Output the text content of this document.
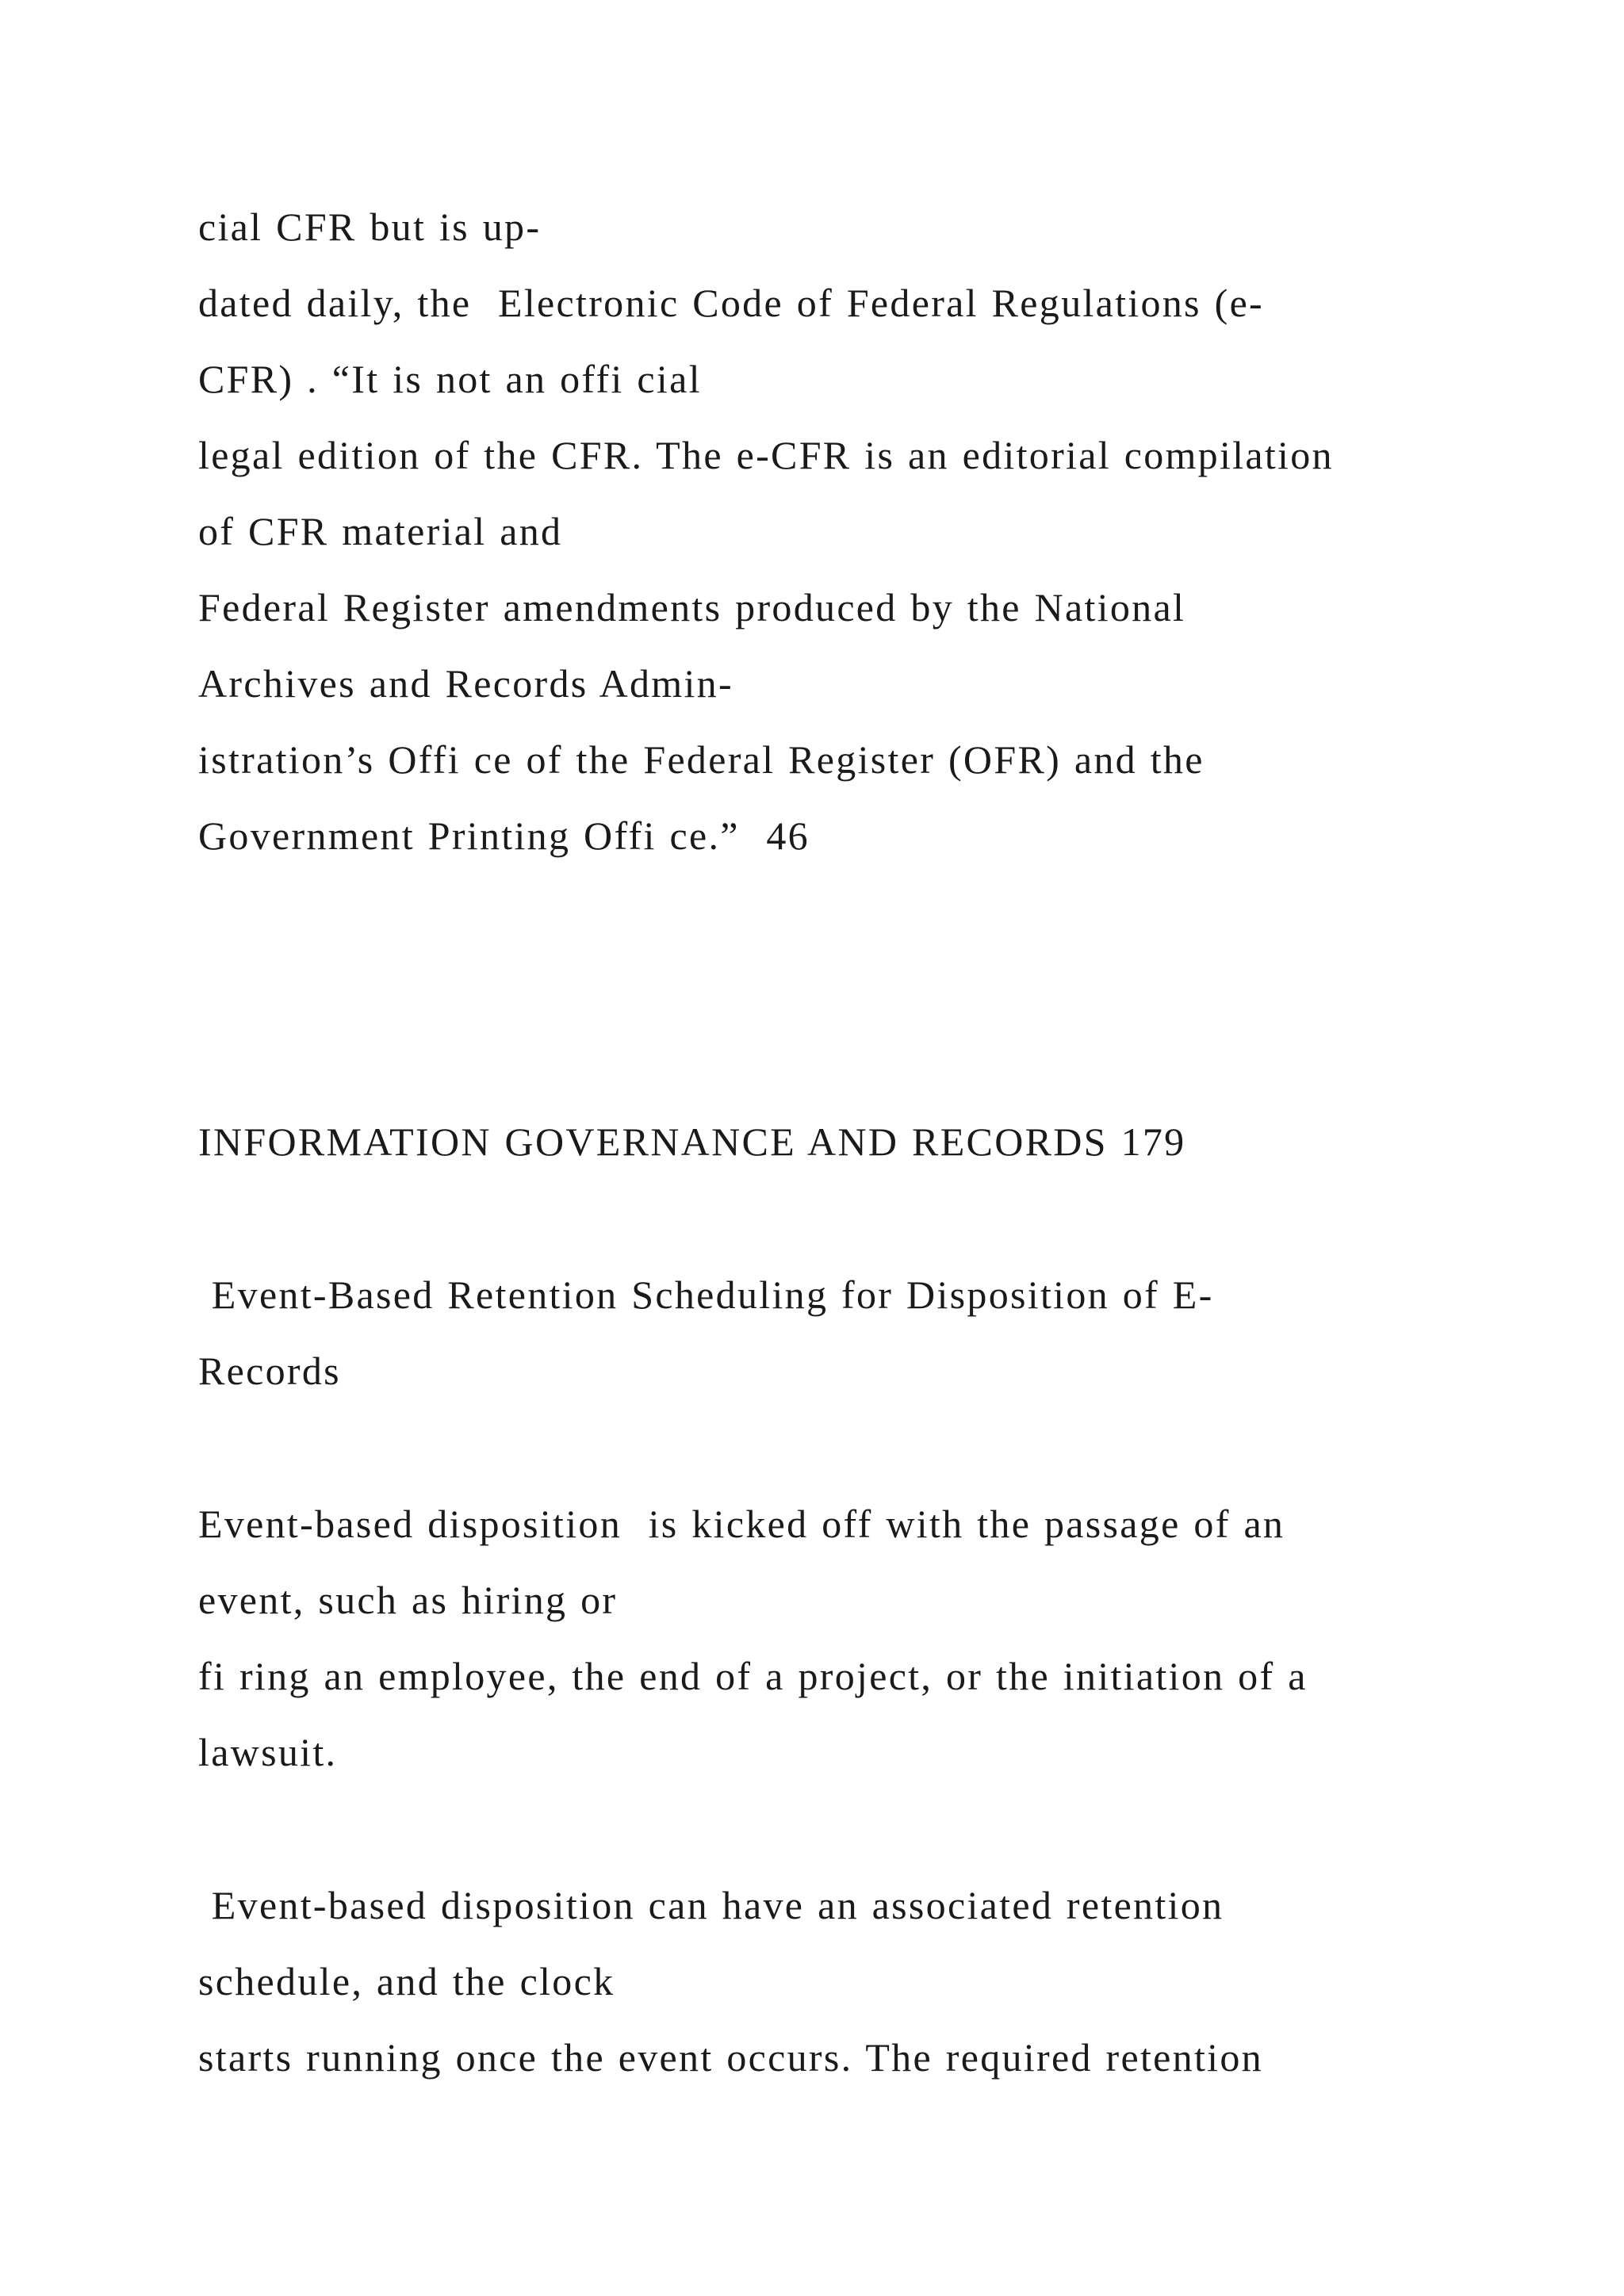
cial CFR but is up-

dated daily, the  Electronic Code of Federal Regulations (e-

CFR) . “It is not an offi cial

legal edition of the CFR. The e-CFR is an editorial compilation

of CFR material and

Federal Register amendments produced by the National

Archives and Records Admin-

istration’s Offi ce of the Federal Register (OFR) and the

Government Printing Offi ce.”  46

INFORMATION GOVERNANCE AND RECORDS 179

Event-Based Retention Scheduling for Disposition of E-

Records

Event-based disposition  is kicked off with the passage of an

event, such as hiring or

fi ring an employee, the end of a project, or the initiation of a

lawsuit.

Event-based disposition can have an associated retention

schedule, and the clock

starts running once the event occurs. The required retention
